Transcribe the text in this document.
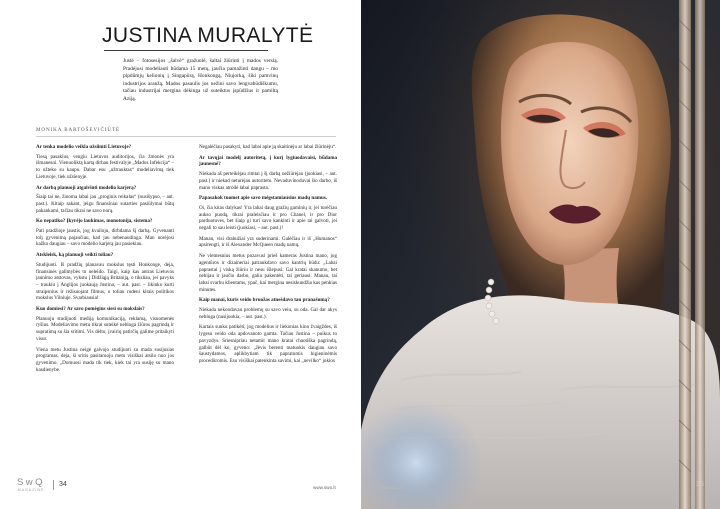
JUSTINA MURALYTĖ

Justė – fotosesijos „šalvė“ gražuolė, šaltai žiūrinti į mados verslą. Pradėjusi modeliauti būdama 15 metų, jaučia pamažinti dangu – mo pipdūmjų kelionių į Singapūrą, Honkongą, Niujorką, šiki pamvinų industrijos aranžą. Mados pasaulis jos nežini savo lengvabūdiškumu, tačiau industrijai mergina dėkinga už suteiktus įspūdžius ir pamiltą Aziją.

MONIKA BARTOŠEVIČIŪTĖ

Ar tenka modelio veikla užsiimti Lietuvoje?

Tiesą pasakius, vengiu Lietuvos auditorijos, čia žmonės yra išmanesni. Vienuoliktą kartą dirbau festivalyje „Mados Infekcija“ – to užteko su kaupu. Dabar esu „užtrauktas“ modeliavimą tiek Lietuvoje, tiek užsienyje.

Ar darbą planuoji atgaivinti modelio karjerą?

Šiaip tai ne, žinoma labai jau „proginis reikalas“ (nusišypso, – aut. past.). Kitaip sakant, jeigu finansiniai sutarties pasiūlymai būtų pakankami, tačiau tikrai ne savo norą.

Ko nepatiko? Įkyrėjo laukimas, monotonija, sistema?

Pati pradžioje jaustis, jog kvailoju, dirbdama šį darbą. Gyvenanti tolį gyvenimą pajaučiau, kad jau nebenaudinga. Man norėjosi kažko daugiau – savo modelio karjerą jau pasiekiau.

Atskleisk, ką planuoji veikti toliau?

Studijuoti. Iš pradžių planavau mokslus tęsti Honkonge, deja, finansinės galimybės to neleido. Taigi, kaip kas antras Lietuvos jaunimo atstovas, vykstu į Didžiąją Britaniją, o tiksliau, jei pavyks – traukiu į Anglijos juokaują Justina, – aut. past. – likinko kurti straipsnius ir režisuojant filmus, o toliau rudeni kitais politikos mokslus Vilniuje. Svarbiausia!

Kuo domiesi? Ar savo pomėgius siesi su mokslais?

Planuoju studijuoti mediją komunikaciją, reklamą, visuomenės ryšius. Modeliavimo metu tikrai suteikė nebloga žiūros pagrindą ir supratimą su šia sritimi. Vis dėlto, įvairių patirčių galime pritaikyti visur.

Viena metu Justina neigė galvojo studijuoti su mada susijusias programas, deja, ši sritis pasitaruoju metu visiškai atsilo nuo jos gyvenimo. „Domuosi mada tik tiek, kiek tai yra susiję su mano kasdienybe.

Negalėčiau pasakyti, kad labai apie ją skaitinėju ar labai žiūrinėju“.

Ar tavųjai modelį autoritetą, į kurį lygiuodavaisi, būdama jaunesnė?

Niekada aš perteikėjau rimtai į šį darbą nežiūrėjau (juokiasi, – aut. past.) ir niekad neturėjau autoriteto. Nevaduvinoduvai šio darbo, iš mano viskas atrodė labai paprasta.

Papasakok tuomet apie savo mėgstamiausius madų namus.

Oi, čia kitas dalykas! Yra labai daug gražių gaminių ir, jei turėčiau aukso puodą, tikrai praleisčiau ir pro Chanel, ir pro Dior parduotuves, bet šiaip gi turi savo kankinti ir apie tai galvoti, jei negali to sau leisti (juokiasi, – aut. past.)!

Manau, visi drabužiai yra suderinami. Galėčiau ir iš „Humanos“ apsirengti, ir iš Alexander McQueen madų namų.

Ne viemesnius metus pozavusi prieš kameras Justina mano, jog agentūros ir dizaineriai patraukdavo savo kantrių būdu: „Labai paprastai į viską žiūriu ir nesu išlepusi. Gal kratai skanumo, bet nebijau ir jaučio darbo, galiu pakentėti, tai geriausi. Manau, tai labai svarbu klientams, ypač, kai mergina nesiskundžia kas penkias minutes.

Kaip manai, kuris veido bruožas atnešdavo tau pranašumą?

Niekada nekondavau problemų su savo veiu, su oda. Gal dar akys nebloga (nusijuokia, – aut. past.).

Kartais sunku patikėti, jog modelius ir liekonias kino žvaigždes, iš lygesu veido oda apdovanoto gamta. Tačiau Justina – puikus to pavyzdys. Sriesnipriau netamit mano kratai chaotiška pagrindą, galbūt dėl ko, gyveno: „Jėvis berenti matuokis daugiau savo šaustydamos, aplikbytiam tik papratomis higieninėmis procedūromis. Esu visiškai patenkinta savimi, kai „nevilko“ jokios

SwQ
MAGAZINE
34	www.swo.lt	www.swo.lt	35
